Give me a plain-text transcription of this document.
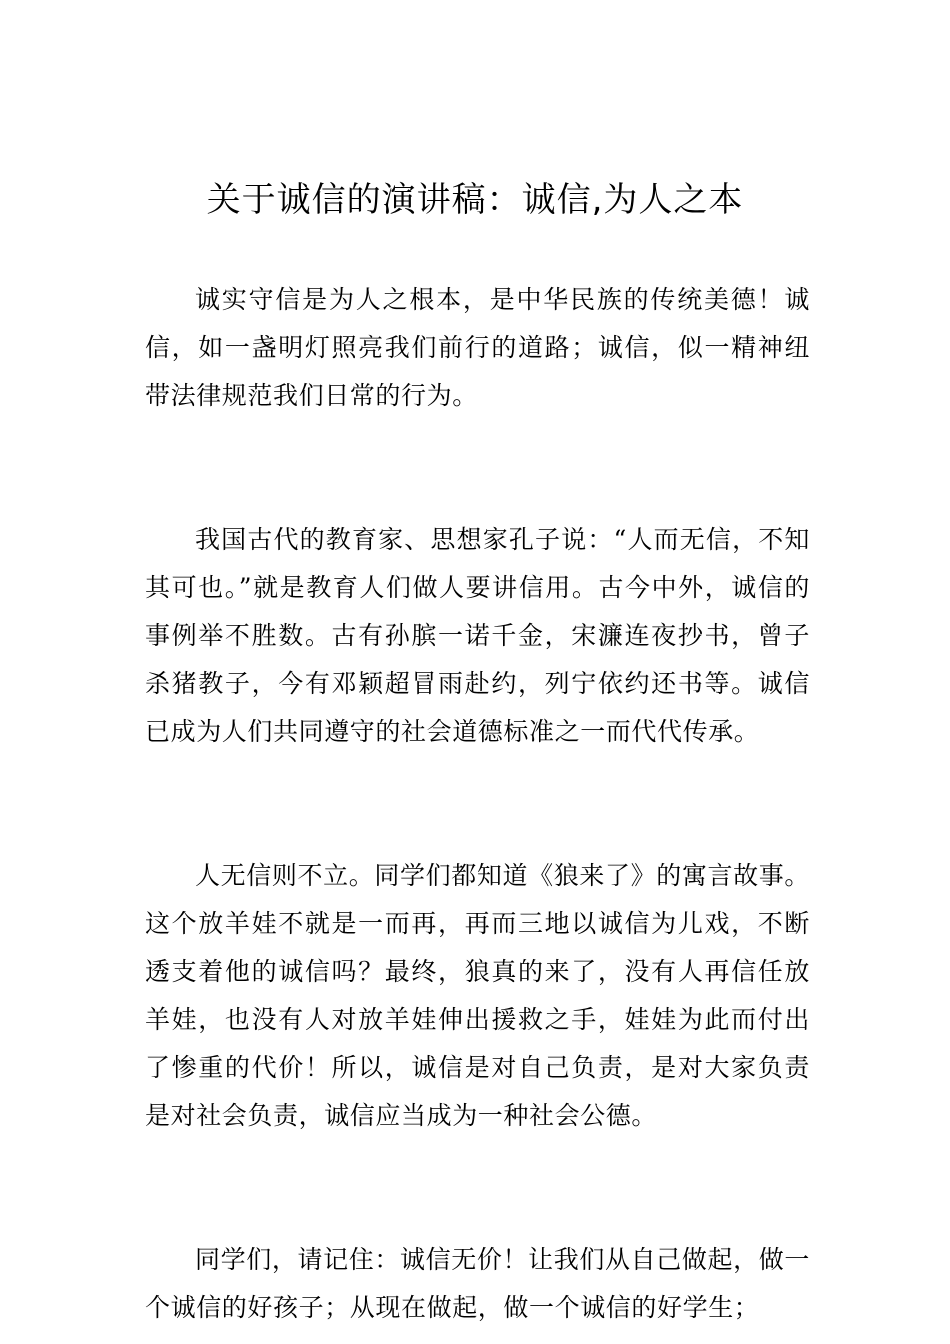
关于诚信的演讲稿：诚信,为人之本

诚实守信是为人之根本，是中华民族的传统美德！诚信，如一盏明灯照亮我们前行的道路；诚信，似一精神纽带法律规范我们日常的行为。

我国古代的教育家、思想家孔子说：“人而无信，不知其可也。”就是教育人们做人要讲信用。古今中外，诚信的事例举不胜数。古有孙膑一诺千金，宋濂连夜抄书，曾子杀猪教子，今有邓颖超冒雨赴约，列宁依约还书等。诚信已成为人们共同遵守的社会道德标准之一而代代传承。

人无信则不立。同学们都知道《狼来了》的寓言故事。这个放羊娃不就是一而再，再而三地以诚信为儿戏，不断透支着他的诚信吗？最终，狼真的来了，没有人再信任放羊娃，也没有人对放羊娃伸出援救之手，娃娃为此而付出了惨重的代价！所以，诚信是对自己负责，是对大家负责是对社会负责，诚信应当成为一种社会公德。

同学们，请记住：诚信无价！让我们从自己做起，做一个诚信的好孩子；从现在做起，做一个诚信的好学生；
